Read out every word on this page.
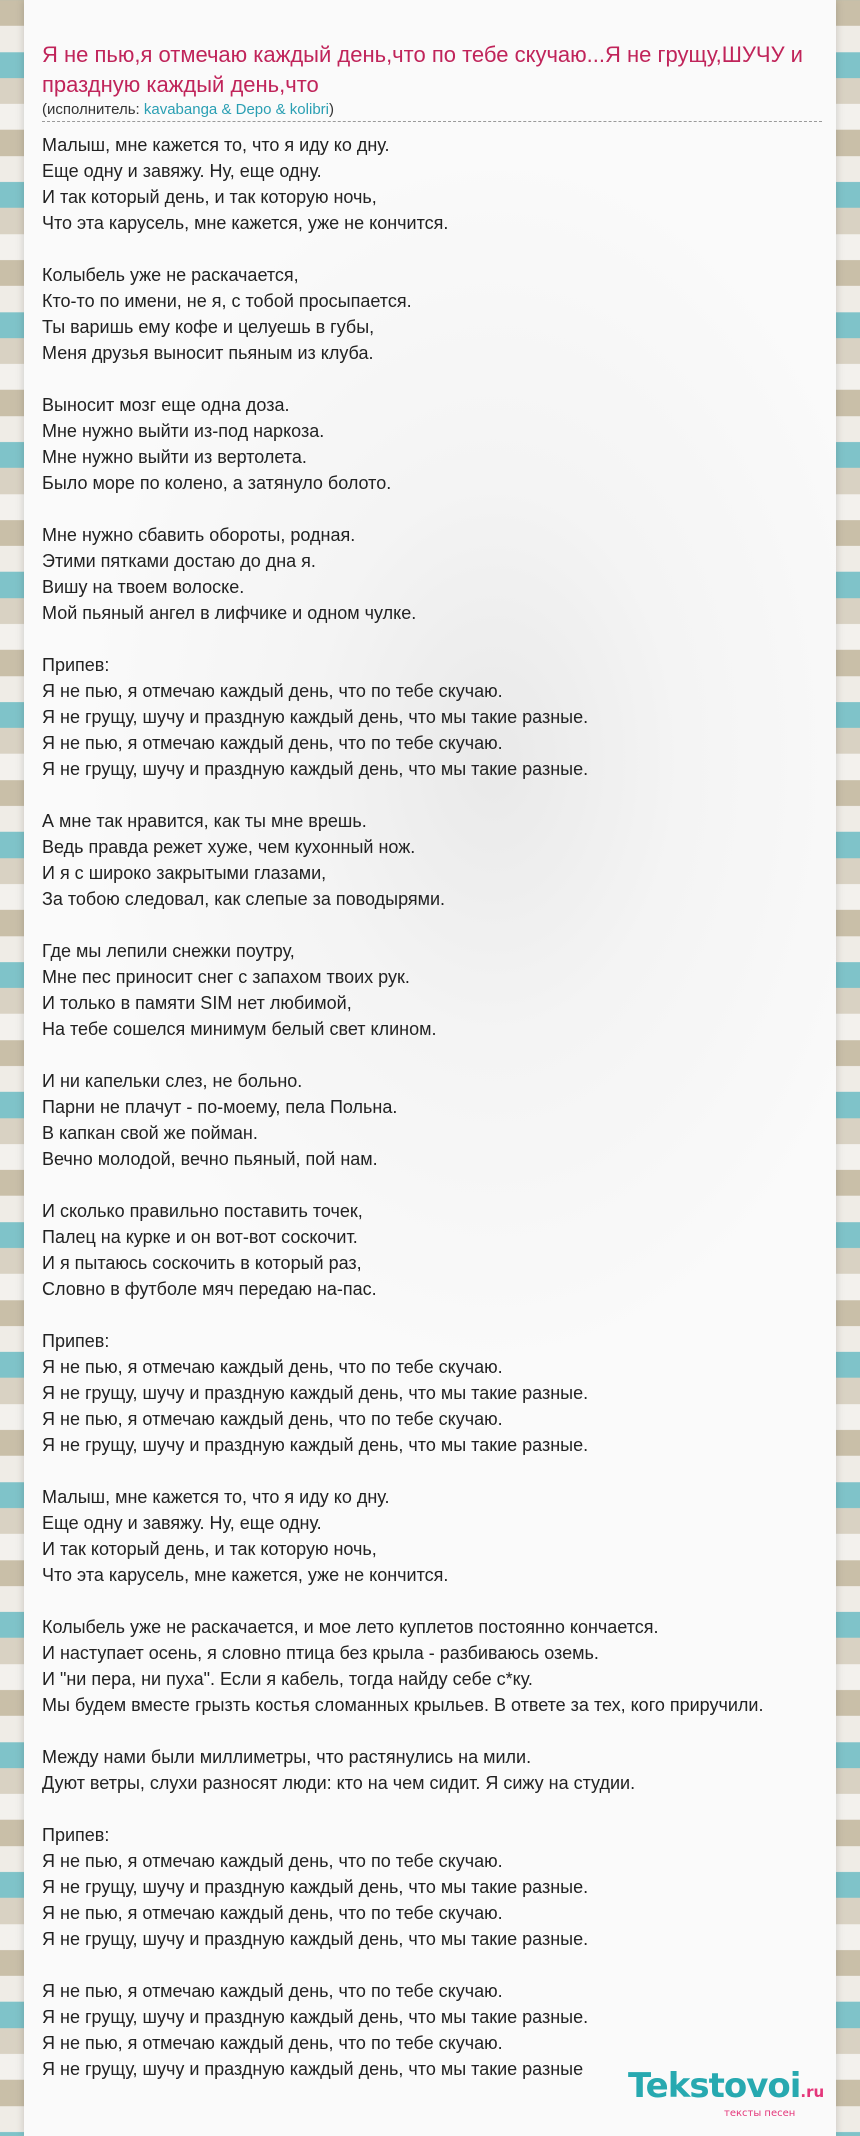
Я не пью,я отмечаю каждый день,что по тебе скучаю...Я не грущу,ШУЧУ и праздную каждый день,что
(исполнитель: kavabanga & Depo & kolibri)
Малыш, мне кажется то, что я иду ко дну.
Еще одну и завяжу. Ну, еще одну.
И так который день, и так которую ночь,
Что эта карусель, мне кажется, уже не кончится.
Колыбель уже не раскачается,
Кто-то по имени, не я, с тобой просыпается.
Ты варишь ему кофе и целуешь в губы,
Меня друзья выносит пьяным из клуба.
Выносит мозг еще одна доза.
Мне нужно выйти из-под наркоза.
Мне нужно выйти из вертолета.
Было море по колено, а затянуло болото.
Мне нужно сбавить обороты, родная.
Этими пятками достаю до дна я.
Вишу на твоем волоске.
Мой пьяный ангел в лифчике и одном чулке.
Припев:
Я не пью, я отмечаю каждый день, что по тебе скучаю.
Я не грущу, шучу и праздную каждый день, что мы такие разные.
Я не пью, я отмечаю каждый день, что по тебе скучаю.
Я не грущу, шучу и праздную каждый день, что мы такие разные.
А мне так нравится, как ты мне врешь.
Ведь правда режет хуже, чем кухонный нож.
И я с широко закрытыми глазами,
За тобою следовал, как слепые за поводырями.
Где мы лепили снежки поутру,
Мне пес приносит снег с запахом твоих рук.
И только в памяти SIM нет любимой,
На тебе сошелся минимум белый свет клином.
И ни капельки слез, не больно.
Парни не плачут - по-моему, пела Польна.
В капкан свой же пойман.
Вечно молодой, вечно пьяный, пой нам.
И сколько правильно поставить точек,
Палец на курке и он вот-вот соскочит.
И я пытаюсь соскочить в который раз,
Словно в футболе мяч передаю на-пас.
Припев:
Я не пью, я отмечаю каждый день, что по тебе скучаю.
Я не грущу, шучу и праздную каждый день, что мы такие разные.
Я не пью, я отмечаю каждый день, что по тебе скучаю.
Я не грущу, шучу и праздную каждый день, что мы такие разные.
Малыш, мне кажется то, что я иду ко дну.
Еще одну и завяжу. Ну, еще одну.
И так который день, и так которую ночь,
Что эта карусель, мне кажется, уже не кончится.
Колыбель уже не раскачается, и мое лето куплетов постоянно кончается.
И наступает осень, я словно птица без крыла - разбиваюсь оземь.
И "ни пера, ни пуха". Если я кабель, тогда найду себе с*ку.
Мы будем вместе грызть костья сломанных крыльев. В ответе за тех, кого приручили.
Между нами были миллиметры, что растянулись на мили.
Дуют ветры, слухи разносят люди: кто на чем сидит. Я сижу на студии.
Припев:
Я не пью, я отмечаю каждый день, что по тебе скучаю.
Я не грущу, шучу и праздную каждый день, что мы такие разные.
Я не пью, я отмечаю каждый день, что по тебе скучаю.
Я не грущу, шучу и праздную каждый день, что мы такие разные.
Я не пью, я отмечаю каждый день, что по тебе скучаю.
Я не грущу, шучу и праздную каждый день, что мы такие разные.
Я не пью, я отмечаю каждый день, что по тебе скучаю.
Я не грущу, шучу и праздную каждый день, что мы такие разные	Tekstovoi.ru
тексты песен
